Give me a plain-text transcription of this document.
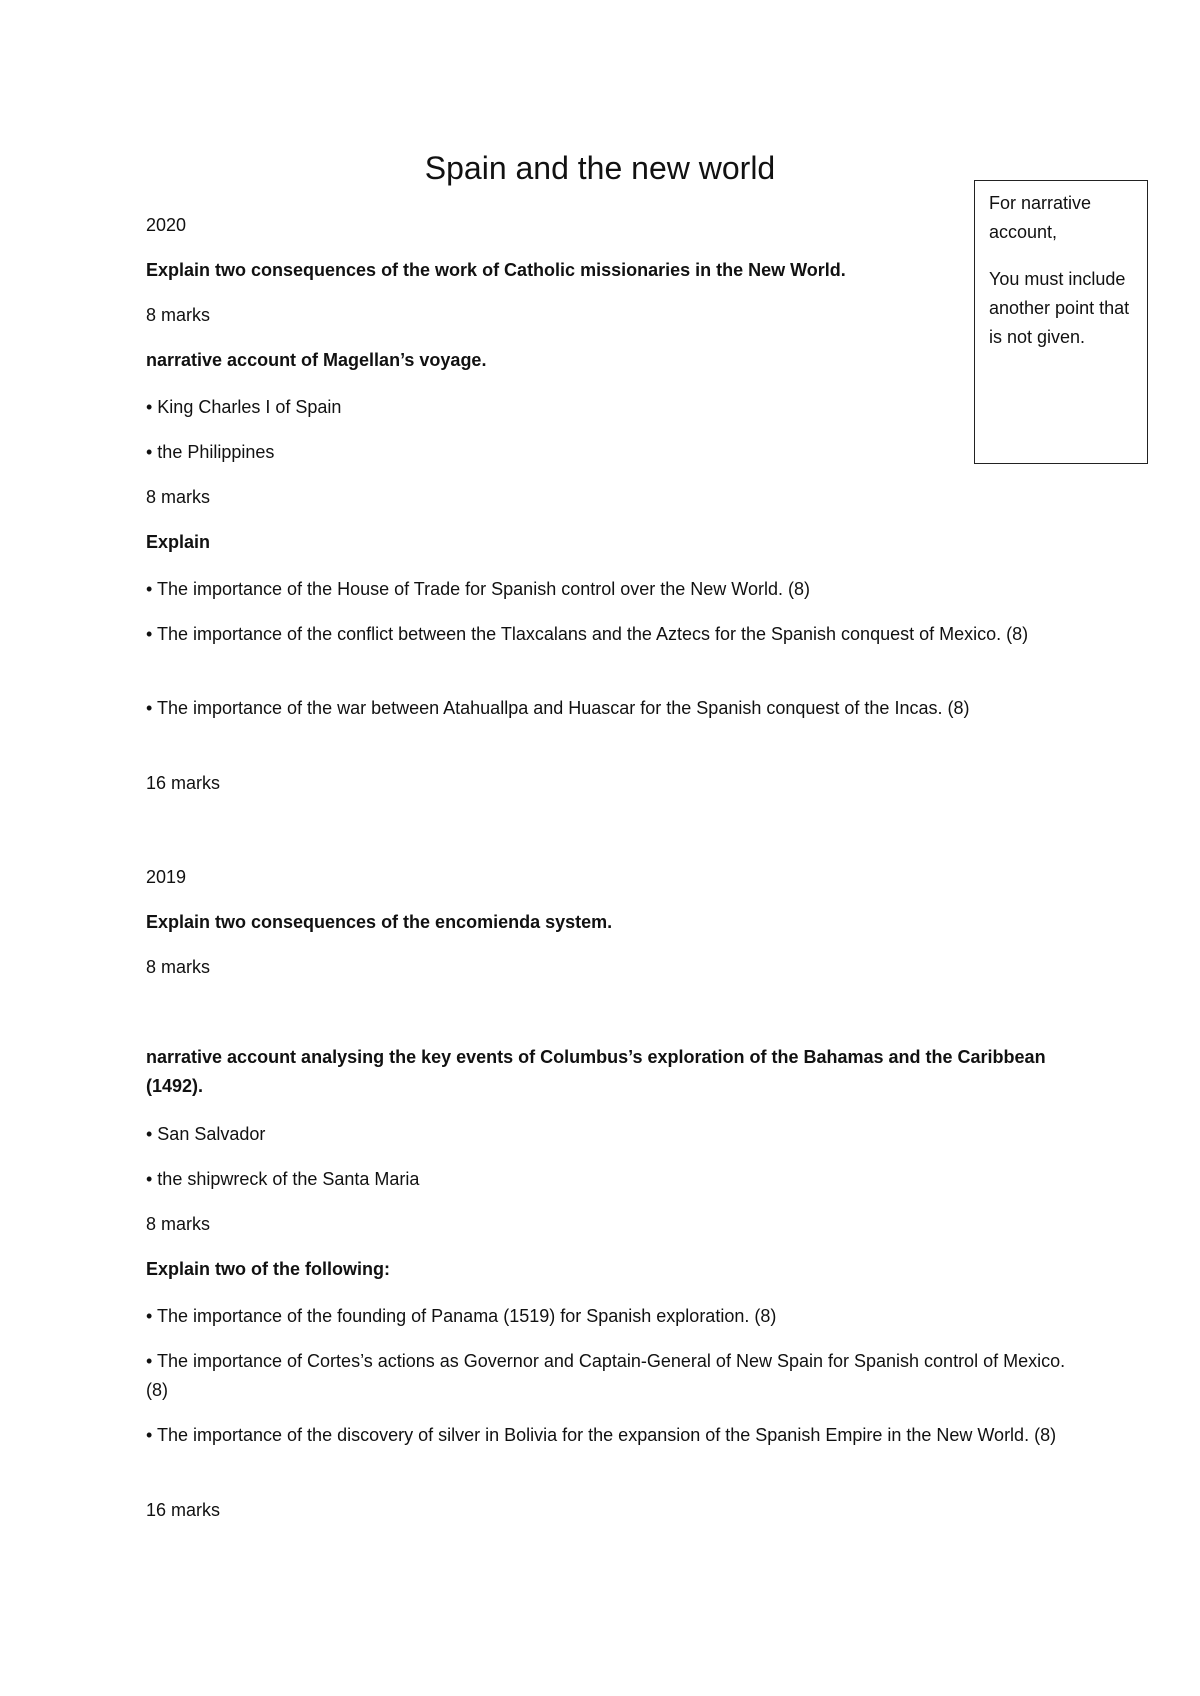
Spain and the new world

For narrative account,

You must include another point that is not given.

2020

Explain two consequences of the work of Catholic missionaries in the New World.

8 marks

narrative account of Magellan’s voyage.

• King Charles I of Spain

• the Philippines

8 marks

Explain

• The importance of the House of Trade for Spanish control over the New World. (8)

• The importance of the conflict between the Tlaxcalans and the Aztecs for the Spanish conquest of Mexico. (8)

• The importance of the war between Atahuallpa and Huascar for the Spanish conquest of the Incas. (8)

16 marks

2019

Explain two consequences of the encomienda system.

8 marks

narrative account analysing the key events of Columbus’s exploration of the Bahamas and the Caribbean (1492).

• San Salvador

• the shipwreck of the Santa Maria

8 marks

Explain two of the following:

• The importance of the founding of Panama (1519) for Spanish exploration. (8)

• The importance of Cortes’s actions as Governor and Captain-General of New Spain for Spanish control of Mexico. (8)

• The importance of the discovery of silver in Bolivia for the expansion of the Spanish Empire in the New World. (8)

16 marks
